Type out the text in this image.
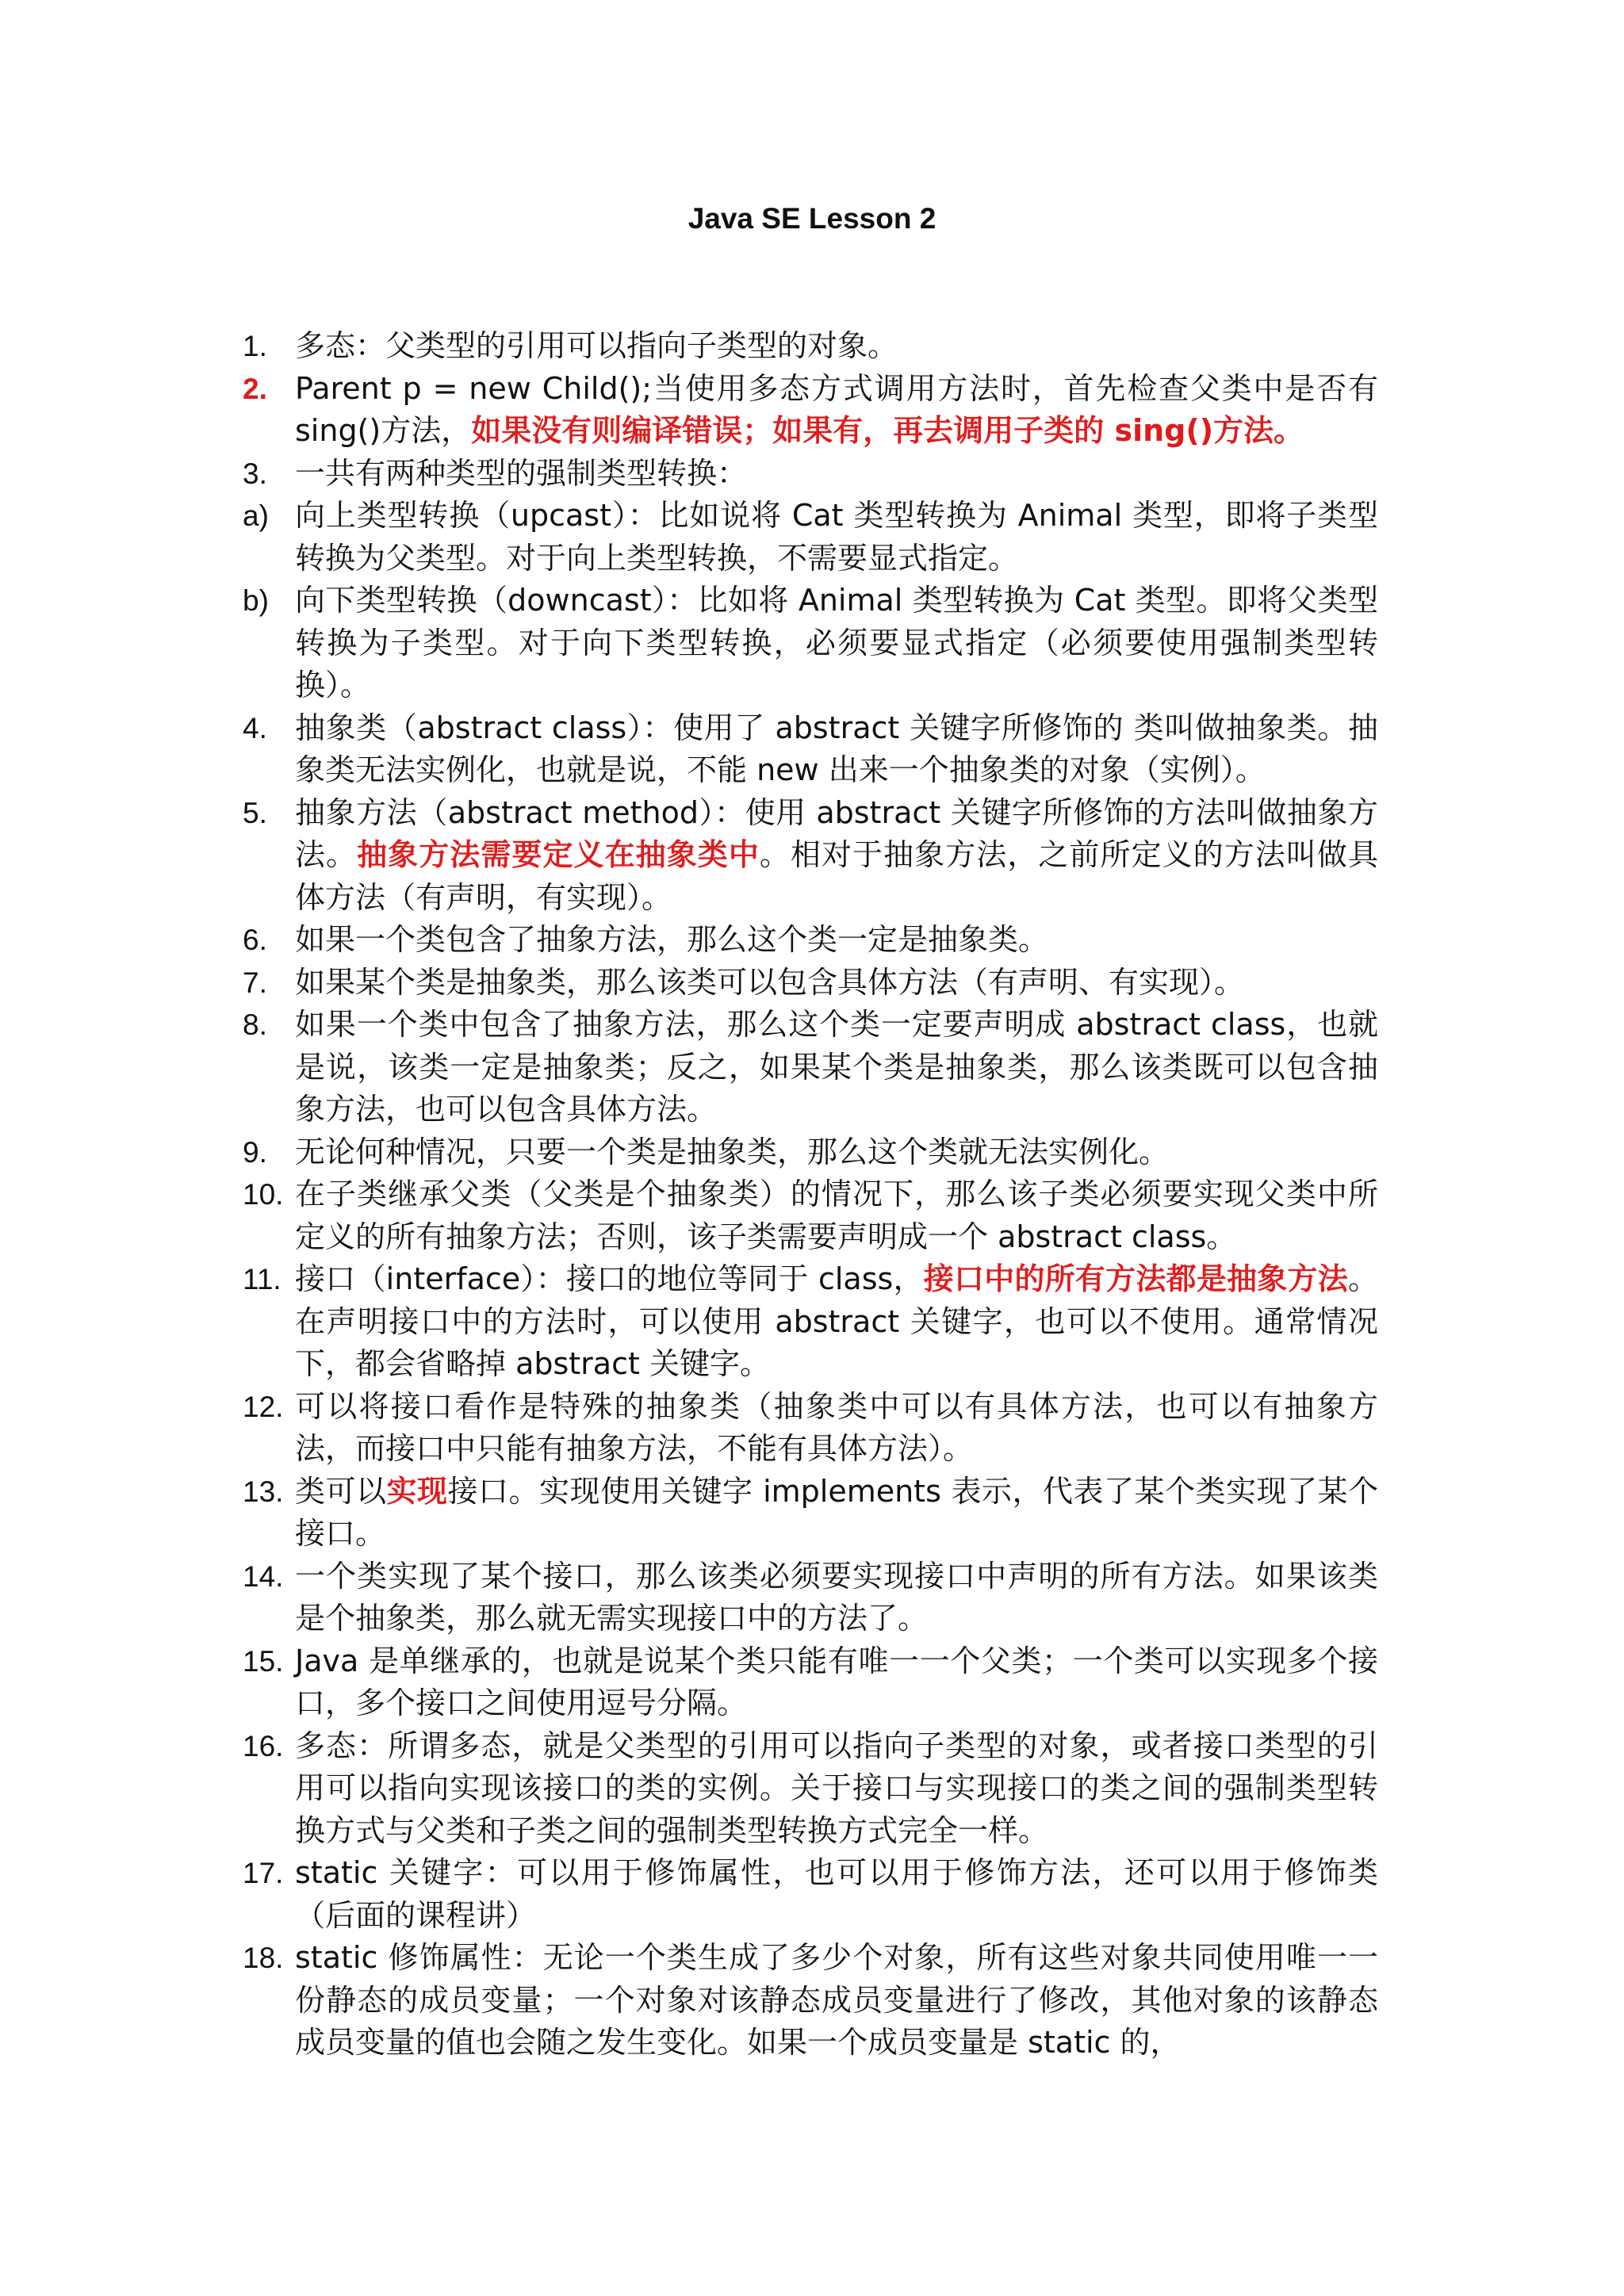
Java SE Lesson 2
1. 多态：父类型的引用可以指向子类型的对象。
2. Parent p = new Child();当使用多态方式调用方法时，首先检查父类中是否有sing()方法，如果没有则编译错误；如果有，再去调用子类的 sing()方法。
3. 一共有两种类型的强制类型转换：
a) 向上类型转换（upcast）：比如说将 Cat 类型转换为 Animal 类型，即将子类型转换为父类型。对于向上类型转换，不需要显式指定。
b) 向下类型转换（downcast）：比如将 Animal 类型转换为 Cat 类型。即将父类型转换为子类型。对于向下类型转换，必须要显式指定（必须要使用强制类型转换）。
4. 抽象类（abstract class）：使用了 abstract 关键字所修饰的 类叫做抽象类。抽象类无法实例化，也就是说，不能 new 出来一个抽象类的对象（实例）。
5. 抽象方法（abstract method）：使用 abstract 关键字所修饰的方法叫做抽象方法。抽象方法需要定义在抽象类中。相对于抽象方法，之前所定义的方法叫做具体方法（有声明，有实现）。
6. 如果一个类包含了抽象方法，那么这个类一定是抽象类。
7. 如果某个类是抽象类，那么该类可以包含具体方法（有声明、有实现）。
8. 如果一个类中包含了抽象方法，那么这个类一定要声明成 abstract class，也就是说，该类一定是抽象类；反之，如果某个类是抽象类，那么该类既可以包含抽象方法，也可以包含具体方法。
9. 无论何种情况，只要一个类是抽象类，那么这个类就无法实例化。
10. 在子类继承父类（父类是个抽象类）的情况下，那么该子类必须要实现父类中所定义的所有抽象方法；否则，该子类需要声明成一个 abstract class。
11. 接口（interface）：接口的地位等同于 class，接口中的所有方法都是抽象方法。在声明接口中的方法时，可以使用 abstract 关键字，也可以不使用。通常情况下，都会省略掉 abstract 关键字。
12. 可以将接口看作是特殊的抽象类（抽象类中可以有具体方法，也可以有抽象方法，而接口中只能有抽象方法，不能有具体方法）。
13. 类可以实现接口。实现使用关键字 implements 表示，代表了某个类实现了某个接口。
14. 一个类实现了某个接口，那么该类必须要实现接口中声明的所有方法。如果该类是个抽象类，那么就无需实现接口中的方法了。
15. Java 是单继承的，也就是说某个类只能有唯一一个父类；一个类可以实现多个接口，多个接口之间使用逗号分隔。
16. 多态：所谓多态，就是父类型的引用可以指向子类型的对象，或者接口类型的引用可以指向实现该接口的类的实例。关于接口与实现接口的类之间的强制类型转换方式与父类和子类之间的强制类型转换方式完全一样。
17. static 关键字：可以用于修饰属性，也可以用于修饰方法，还可以用于修饰类（后面的课程讲）
18. static 修饰属性：无论一个类生成了多少个对象，所有这些对象共同使用唯一一份静态的成员变量；一个对象对该静态成员变量进行了修改，其他对象的该静态成员变量的值也会随之发生变化。如果一个成员变量是 static 的，
